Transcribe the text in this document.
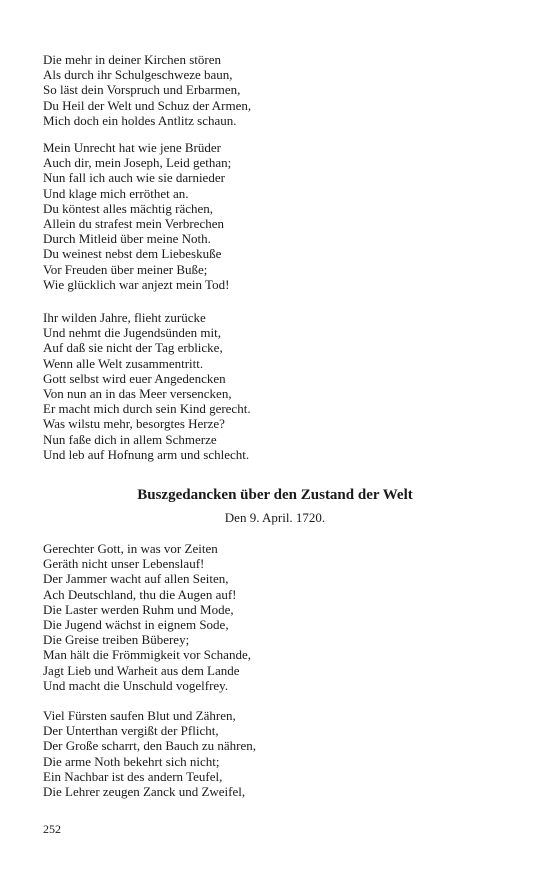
Die mehr in deiner Kirchen stören
Als durch ihr Schulgeschweze baun,
So läst dein Vorspruch und Erbarmen,
Du Heil der Welt und Schuz der Armen,
Mich doch ein holdes Antlitz schaun.
Mein Unrecht hat wie jene Brüder
Auch dir, mein Joseph, Leid gethan;
Nun fall ich auch wie sie darnieder
Und klage mich erröthet an.
Du köntest alles mächtig rächen,
Allein du strafest mein Verbrechen
Durch Mitleid über meine Noth.
Du weinest nebst dem Liebeskuße
Vor Freuden über meiner Buße;
Wie glücklich war anjezt mein Tod!
Ihr wilden Jahre, flieht zurücke
Und nehmt die Jugendsünden mit,
Auf daß sie nicht der Tag erblicke,
Wenn alle Welt zusammentritt.
Gott selbst wird euer Angedencken
Von nun an in das Meer versencken,
Er macht mich durch sein Kind gerecht.
Was wilstu mehr, besorgtes Herze?
Nun faße dich in allem Schmerze
Und leb auf Hofnung arm und schlecht.
Buszgedancken über den Zustand der Welt
Den 9. April. 1720.
Gerechter Gott, in was vor Zeiten
Geräth nicht unser Lebenslauf!
Der Jammer wacht auf allen Seiten,
Ach Deutschland, thu die Augen auf!
Die Laster werden Ruhm und Mode,
Die Jugend wächst in eignem Sode,
Die Greise treiben Büberey;
Man hält die Frömmigkeit vor Schande,
Jagt Lieb und Warheit aus dem Lande
Und macht die Unschuld vogelfrey.
Viel Fürsten saufen Blut und Zähren,
Der Unterthan vergißt der Pflicht,
Der Große scharrt, den Bauch zu nähren,
Die arme Noth bekehrt sich nicht;
Ein Nachbar ist des andern Teufel,
Die Lehrer zeugen Zanck und Zweifel,
252
